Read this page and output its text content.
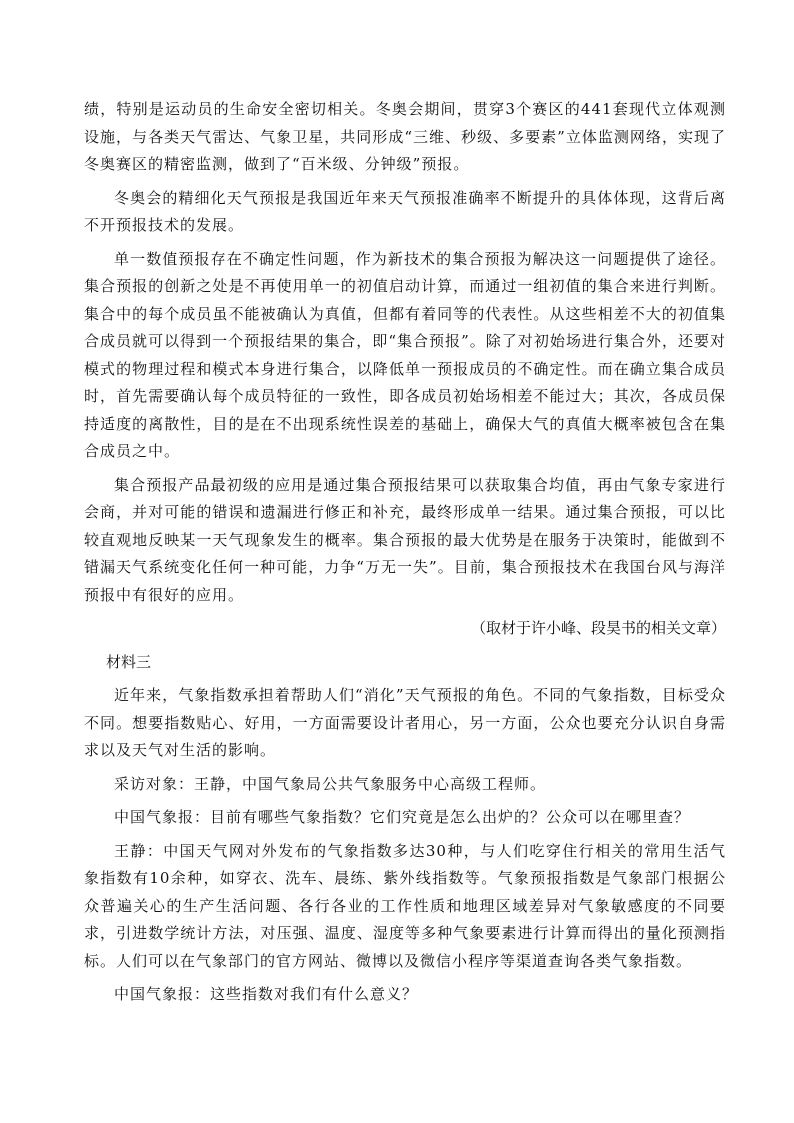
绩，特别是运动员的生命安全密切相关。冬奥会期间，贯穿3个赛区的441套现代立体观测设施，与各类天气雷达、气象卫星，共同形成“三维、秒级、多要素”立体监测网络，实现了冬奥赛区的精密监测，做到了“百米级、分钟级”预报。

冬奥会的精细化天气预报是我国近年来天气预报准确率不断提升的具体体现，这背后离不开预报技术的发展。

单一数值预报存在不确定性问题，作为新技术的集合预报为解决这一问题提供了途径。集合预报的创新之处是不再使用单一的初值启动计算，而通过一组初值的集合来进行判断。集合中的每个成员虽不能被确认为真值，但都有着同等的代表性。从这些相差不大的初值集合成员就可以得到一个预报结果的集合，即“集合预报”。除了对初始场进行集合外，还要对模式的物理过程和模式本身进行集合，以降低单一预报成员的不确定性。而在确立集合成员时，首先需要确认每个成员特征的一致性，即各成员初始场相差不能过大；其次，各成员保持适度的离散性，目的是在不出现系统性误差的基础上，确保大气的真值大概率被包含在集合成员之中。

集合预报产品最初级的应用是通过集合预报结果可以获取集合均值，再由气象专家进行会商，并对可能的错误和遗漏进行修正和补充，最终形成单一结果。通过集合预报，可以比较直观地反映某一天气现象发生的概率。集合预报的最大优势是在服务于决策时，能做到不错漏天气系统变化任何一种可能，力争“万无一失”。目前，集合预报技术在我国台风与海洋预报中有很好的应用。

（取材于许小峰、段昊书的相关文章）

材料三

近年来，气象指数承担着帮助人们“消化”天气预报的角色。不同的气象指数，目标受众不同。想要指数贴心、好用，一方面需要设计者用心，另一方面，公众也要充分认识自身需求以及天气对生活的影响。

采访对象：王静，中国气象局公共气象服务中心高级工程师。

中国气象报：目前有哪些气象指数？它们究竟是怎么出炉的？公众可以在哪里查？

王静：中国天气网对外发布的气象指数多达30种，与人们吃穿住行相关的常用生活气象指数有10余种，如穿衣、洗车、晨练、紫外线指数等。气象预报指数是气象部门根据公众普遍关心的生产生活问题、各行各业的工作性质和地理区域差异对气象敏感度的不同要求，引进数学统计方法，对压强、温度、湿度等多种气象要素进行计算而得出的量化预测指标。人们可以在气象部门的官方网站、微博以及微信小程序等渠道查询各类气象指数。

中国气象报：这些指数对我们有什么意义？
